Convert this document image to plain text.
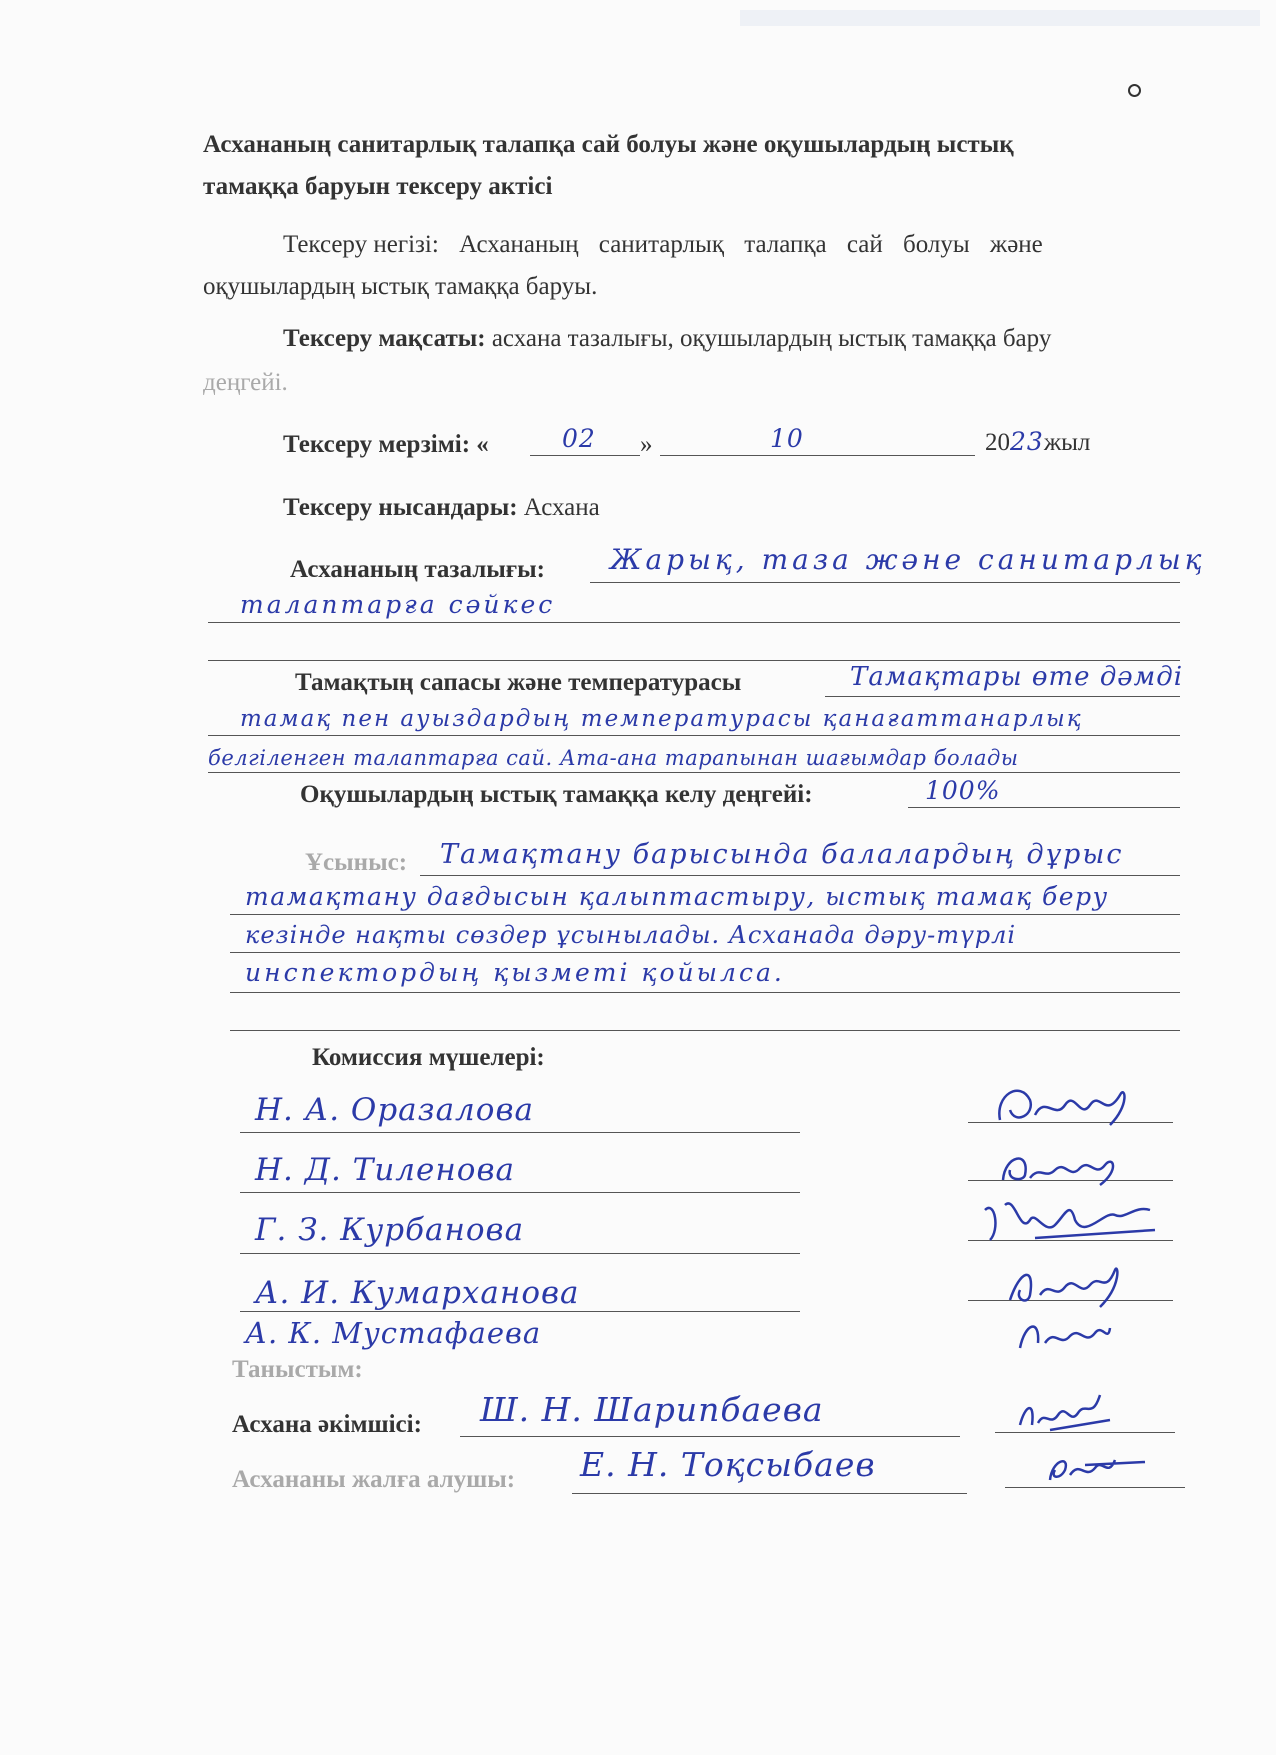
Асхананың санитарлық талапқа сай болуы және оқушылардың ыстық
тамаққа баруын тексеру актісі
Тексеру негізі: Асхананың санитарлық талапқа сай болуы және
оқушылардың ыстық тамаққа баруы.
Тексеру мақсаты: асхана тазалығы, оқушылардың ыстық тамаққа бару
деңгейі.
Тексеру мерзімі: «	02 »	10	2023жыл
Тексеру нысандары: Асхана
Асхананың тазалығы: Жарық, таза және санитарлық
талаптарға сәйкес
Тамақтың сапасы және температурасы	Тамақтары өте дәмді
тамақ пен ауыздардың температурасы қанағаттанарлық
белгіленген талаптарға сай. Ата-ана тарапынан шағымдар болады
Оқушылардың ыстық тамаққа келу деңгейі:	100%
Ұсыныс: Тамақтану барысында балалардың дұрыс
тамақтану дағдысын қалыптастыру, ыстық тамақ беру
кезінде нақты сөздер ұсынылады. Асханада дәру-түрлі
инспектордың қызметі қойылса.
Комиссия мүшелері:
Н. А. Оразалова
Н. Д. Тиленова
Г. З. Курбанова
А. И. Кумарханова
А. К. Мустафаева
Таныстым:
Асхана әкімшісі: Ш. Н. Шарипбаева
Асхананы жалға алушы: Е. Н. Тоқсыбаев
